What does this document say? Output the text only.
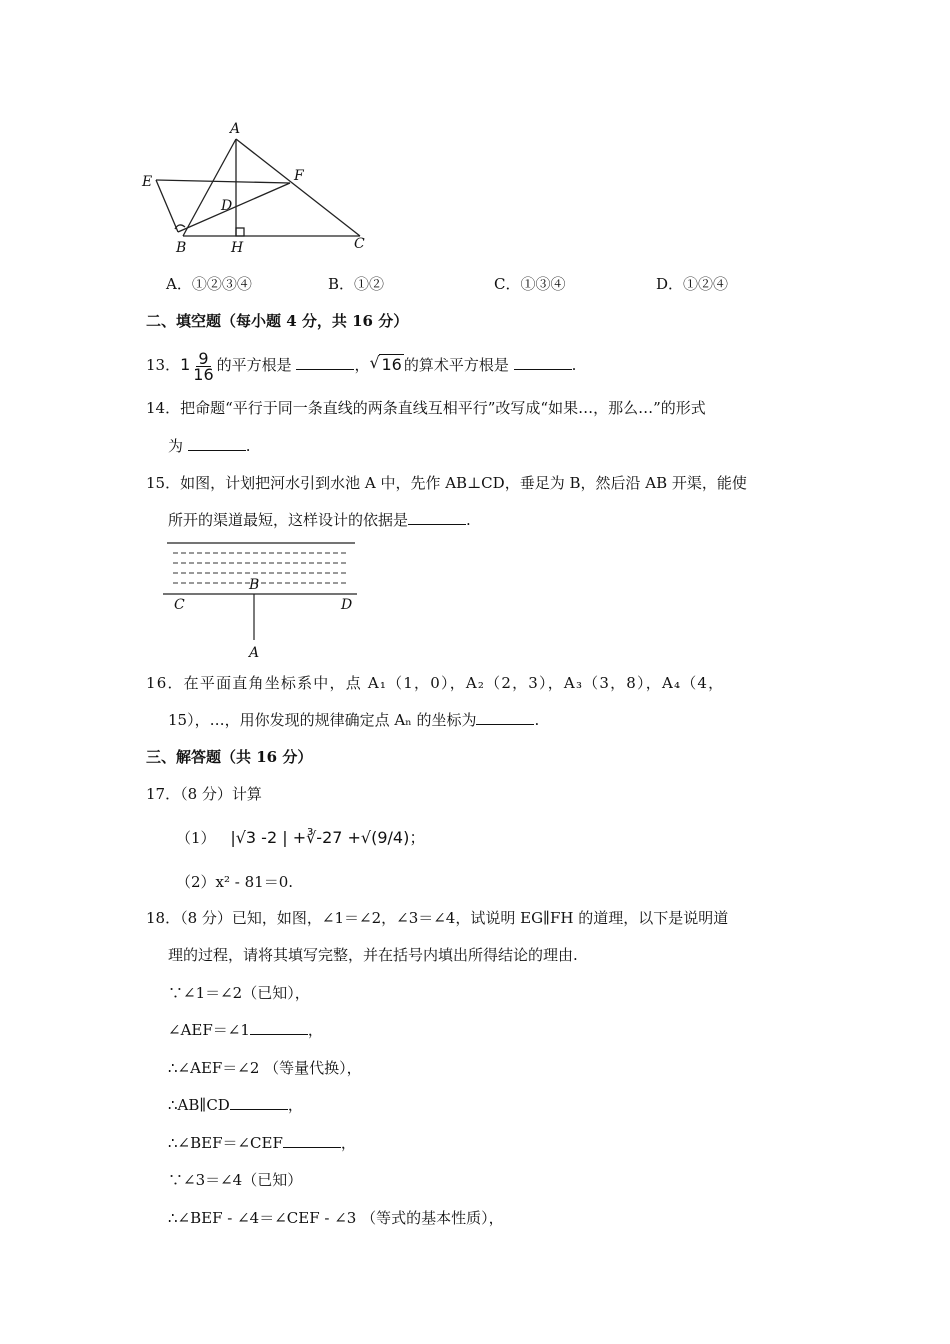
A
E	F
D
B	H	C
A．①②③④	B．①②	C．①③④	D．①②④
二、填空题（每小题 4 分，共 16 分）
13．$1 \frac{9}{16}$ 的平方根是	， √ 16 的算术平方根是	.
14．把命题“平行于同一条直线的两条直线互相平行”改写成“如果…，那么…”的形式
为	.
15．如图，计划把河水引到水池 A 中，先作 AB⊥CD，垂足为 B，然后沿 AB 开渠，能使
所开的渠道最短，这样设计的依据是	.
B
C	D
A
16．在平面直角坐标系中，点 A₁（1，0），A₂（2，3），A₃（3，8），A₄（4，
15），…，用你发现的规律确定点 Aₙ 的坐标为	.
三、解答题（共 16 分）
17．（8 分）计算
（1） |√3 -2 | +∛-27 +√(9/4)；
（2）x² - 81＝0.
18．（8 分）已知，如图，∠1＝∠2，∠3＝∠4，试说明 EG∥FH 的道理，以下是说明道
理的过程，请将其填写完整，并在括号内填出所得结论的理由.
∵∠1＝∠2（已知），
∠AEF＝∠1	，
∴∠AEF＝∠2 （等量代换），
∴AB∥CD	，
∴∠BEF＝∠CEF	，
∵∠3＝∠4（已知）
∴∠BEF - ∠4＝∠CEF - ∠3 （等式的基本性质），
